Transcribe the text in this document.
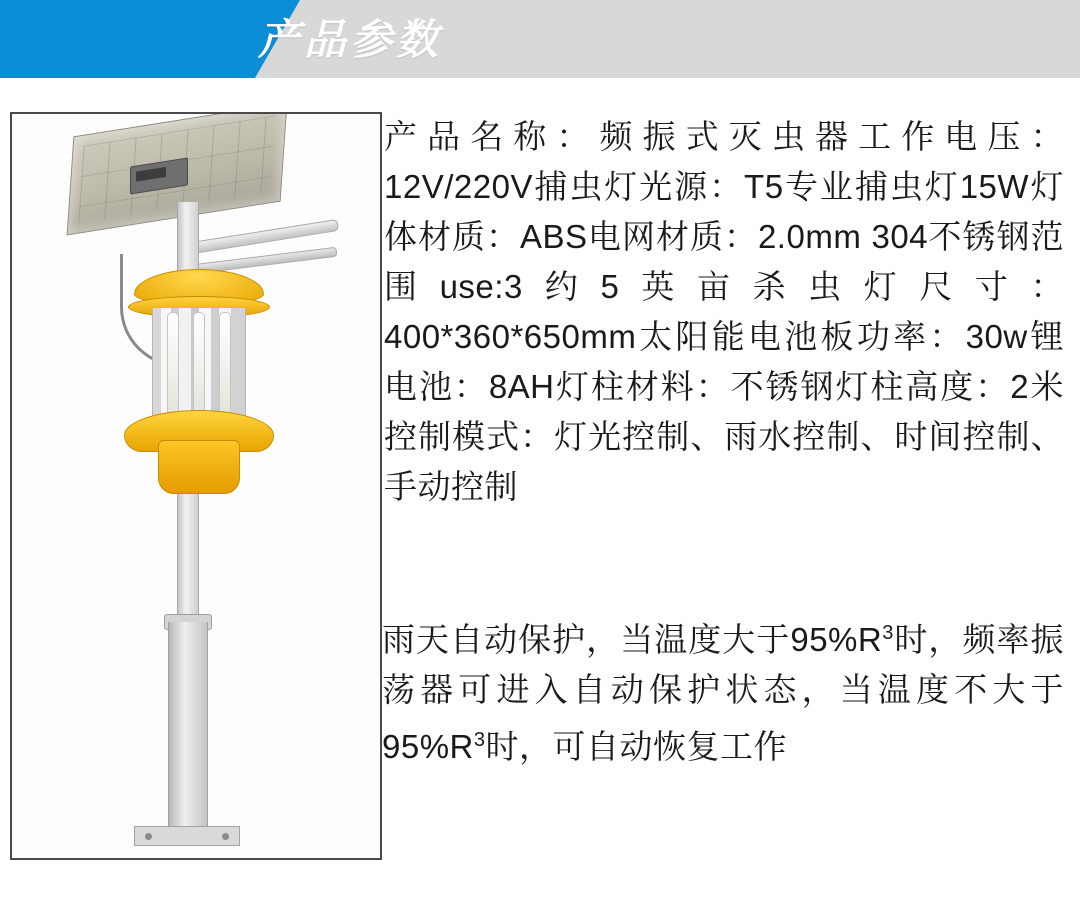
产品参数
产品名称：频振式灭虫器工作电压：12V/220V捕虫灯光源：T5专业捕虫灯15W灯体材质：ABS电网材质：2.0mm 304不锈钢范围use:3约5英亩杀虫灯尺寸：400*360*650mm太阳能电池板功率：30w锂电池：8AH灯柱材料：不锈钢灯柱高度：2米控制模式：灯光控制、雨水控制、时间控制、手动控制

雨天自动保护，当温度大于$95\%R^3$时，频率振荡器可进入自动保护状态，当温度不大于$95\%R^3$时，可自动恢复工作
